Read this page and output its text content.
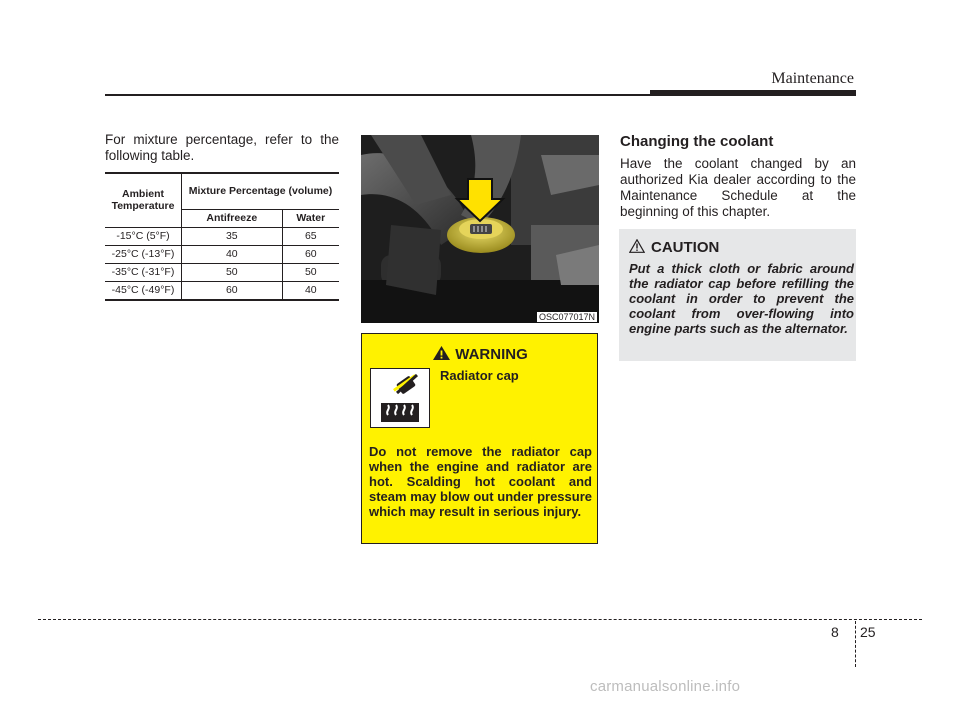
Maintenance
For mixture percentage, refer to the following table.
Ambient Temperature	Mixture Percentage (volume)	
	Antifreeze	Water
-15°C (5°F)	35	65
-25°C (-13°F)	40	60
-35°C (-31°F)	50	50
-45°C (-49°F)	60	40
OSC077017N
WARNING
Radiator cap
Do not remove the radiator cap when the engine and radiator are hot. Scalding hot coolant and steam may blow out under pressure which may result in serious injury.
Changing the coolant
Have the coolant changed by an authorized Kia dealer according to the Maintenance Schedule at the beginning of this chapter.
CAUTION
Put a thick cloth or fabric around the radiator cap before refilling the coolant in order to prevent the coolant from over-flowing into engine parts such as the alternator.
8 25
carmanualsonline.info
